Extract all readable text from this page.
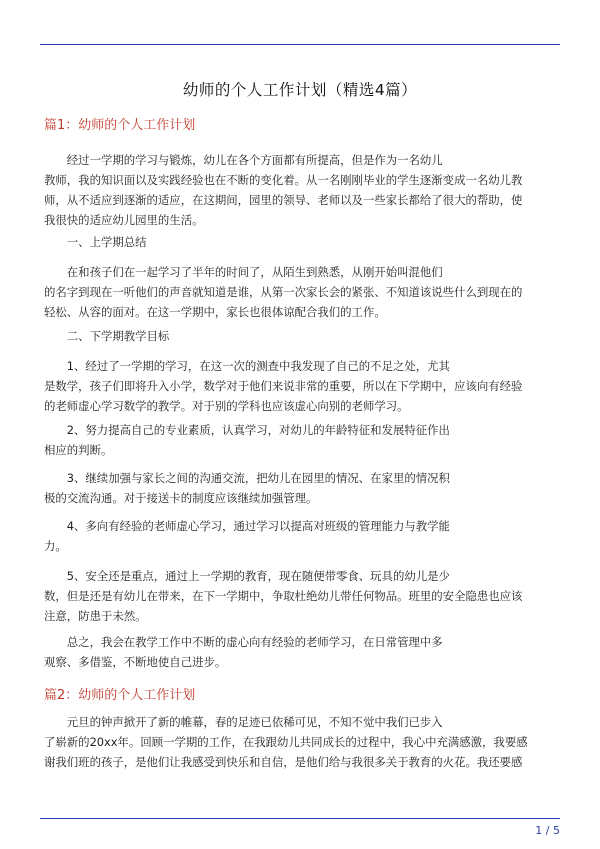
幼师的个人工作计划（精选4篇）
篇1：幼师的个人工作计划
　　经过一学期的学习与锻炼，幼儿在各个方面都有所提高，但是作为一名幼儿
教师，我的知识面以及实践经验也在不断的变化着。从一名刚刚毕业的学生逐渐变成一名幼儿教
师，从不适应到逐渐的适应，在这期间，园里的领导、老师以及一些家长都给了很大的帮助，使
我很快的适应幼儿园里的生活。
　　一、上学期总结
　　在和孩子们在一起学习了半年的时间了，从陌生到熟悉，从刚开始叫混他们
的名字到现在一听他们的声音就知道是谁，从第一次家长会的紧张、不知道该说些什么到现在的
轻松、从容的面对。在这一学期中，家长也很体谅配合我们的工作。
　　二、下学期教学目标
　　1、经过了一学期的学习，在这一次的测查中我发现了自己的不足之处，尤其
是数学，孩子们即将升入小学，数学对于他们来说非常的重要，所以在下学期中，应该向有经验
的老师虚心学习数学的教学。对于别的学科也应该虚心向别的老师学习。
　　2、努力提高自己的专业素质，认真学习，对幼儿的年龄特征和发展特征作出
相应的判断。
　　3、继续加强与家长之间的沟通交流，把幼儿在园里的情况、在家里的情况积
极的交流沟通。对于接送卡的制度应该继续加强管理。
　　4、多向有经验的老师虚心学习，通过学习以提高对班级的管理能力与教学能
力。
　　5、安全还是重点，通过上一学期的教育，现在随便带零食、玩具的幼儿是少
数，但是还是有幼儿在带来，在下一学期中，争取杜绝幼儿带任何物品。班里的安全隐患也应该
注意，防患于未然。
　　总之，我会在教学工作中不断的虚心向有经验的老师学习，在日常管理中多
观察、多借鉴，不断地使自己进步。
篇2：幼师的个人工作计划
　　元旦的钟声掀开了新的帷幕，春的足迹已依稀可见，不知不觉中我们已步入
了崭新的20xx年。回顾一学期的工作，在我跟幼儿共同成长的过程中，我心中充满感激，我要感
谢我们班的孩子，是他们让我感受到快乐和自信，是他们给与我很多关于教育的火花。我还要感
1 / 5
